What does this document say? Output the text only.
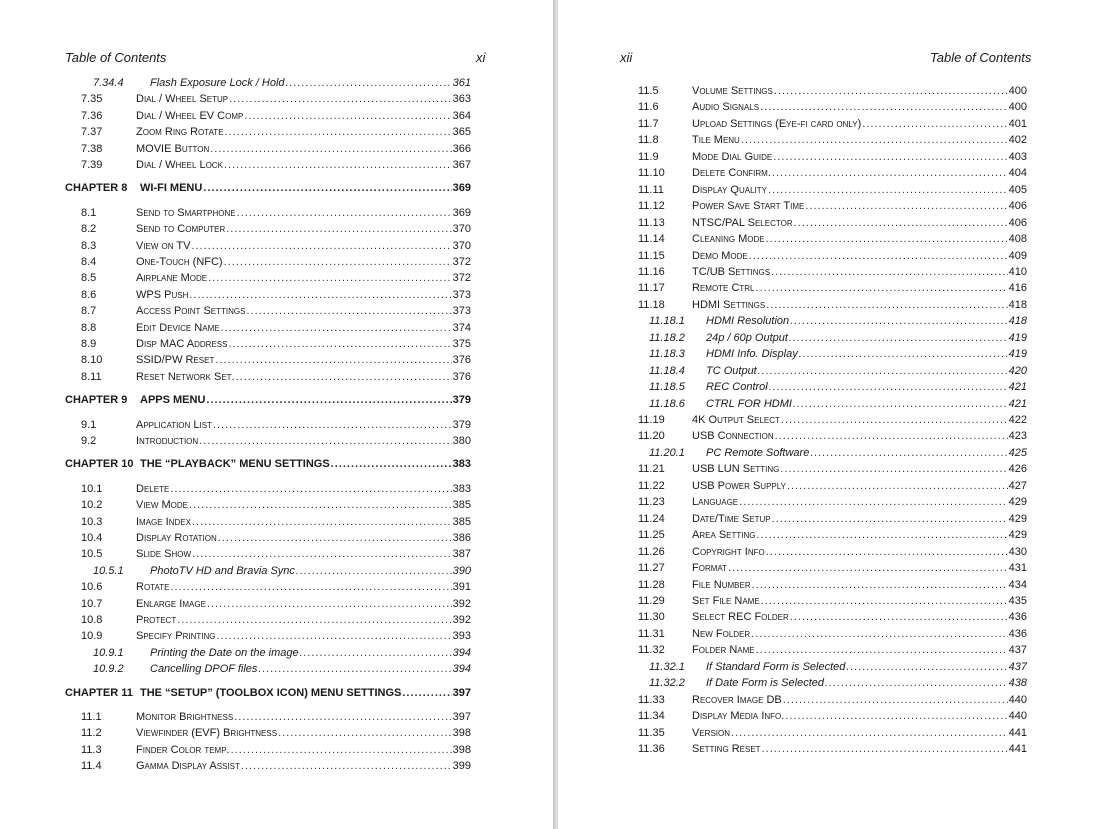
Table of Contents	xi
7.34.4	Flash Exposure Lock / Hold .....	361
7.35	Dial / Wheel Setup .....	363
7.36	Dial / Wheel EV Comp .....	364
7.37	Zoom Ring Rotate .....	365
7.38	MOVIE Button .....	366
7.39	Dial / Wheel Lock .....	367
CHAPTER 8	WI-FI MENU .....	369
8.1	Send to Smartphone .....	369
8.2	Send to Computer .....	370
8.3	View on TV .....	370
8.4	One-Touch (NFC) .....	372
8.5	Airplane Mode .....	372
8.6	WPS Push .....	373
8.7	Access Point Settings .....	373
8.8	Edit Device Name .....	374
8.9	Disp MAC Address .....	375
8.10	SSID/PW Reset .....	376
8.11	Reset Network Set. .....	376
CHAPTER 9	APPS MENU .....	379
9.1	Application List .....	379
9.2	Introduction .....	380
CHAPTER 10 THE “PLAYBACK” MENU SETTINGS .....	383
10.1	Delete .....	383
10.2	View Mode .....	385
10.3	Image Index .....	385
10.4	Display Rotation .....	386
10.5	Slide Show .....	387
10.5.1	PhotoTV HD and Bravia Sync .....	390
10.6	Rotate .....	391
10.7	Enlarge Image .....	392
10.8	Protect .....	392
10.9	Specify Printing .....	393
10.9.1	Printing the Date on the image .....	394
10.9.2	Cancelling DPOF files .....	394
CHAPTER 11 THE “SETUP” (TOOLBOX ICON) MENU SETTINGS .....	397
11.1	Monitor Brightness .....	397
11.2	Viewfinder (EVF) Brightness .....	398
11.3	Finder Color temp. .....	398
11.4	Gamma Display Assist .....	399
xii	Table of Contents
11.5	Volume Settings .....	400
11.6	Audio Signals .....	400
11.7	Upload Settings (Eye-fi card only) .....	401
11.8	Tile Menu .....	402
11.9	Mode Dial Guide .....	403
11.10	Delete Confirm. .....	404
11.11	Display Quality .....	405
11.12	Power Save Start Time .....	406
11.13	NTSC/PAL Selector .....	406
11.14	Cleaning Mode .....	408
11.15	Demo Mode .....	409
11.16	TC/UB Settings .....	410
11.17	Remote Ctrl .....	416
11.18	HDMI Settings .....	418
11.18.1	HDMI Resolution .....	418
11.18.2	24p / 60p Output .....	419
11.18.3	HDMI Info. Display .....	419
11.18.4	TC Output .....	420
11.18.5	REC Control .....	421
11.18.6	CTRL FOR HDMI .....	421
11.19	4K Output Select .....	422
11.20	USB Connection .....	423
11.20.1	PC Remote Software .....	425
11.21	USB LUN Setting .....	426
11.22	USB Power Supply .....	427
11.23	Language .....	429
11.24	Date/Time Setup .....	429
11.25	Area Setting .....	429
11.26	Copyright Info .....	430
11.27	Format .....	431
11.28	File Number .....	434
11.29	Set File Name .....	435
11.30	Select REC Folder .....	436
11.31	New Folder .....	436
11.32	Folder Name .....	437
11.32.1	If Standard Form is Selected .....	437
11.32.2	If Date Form is Selected .....	438
11.33	Recover Image DB .....	440
11.34	Display Media Info. .....	440
11.35	Version .....	441
11.36	Setting Reset .....	441
